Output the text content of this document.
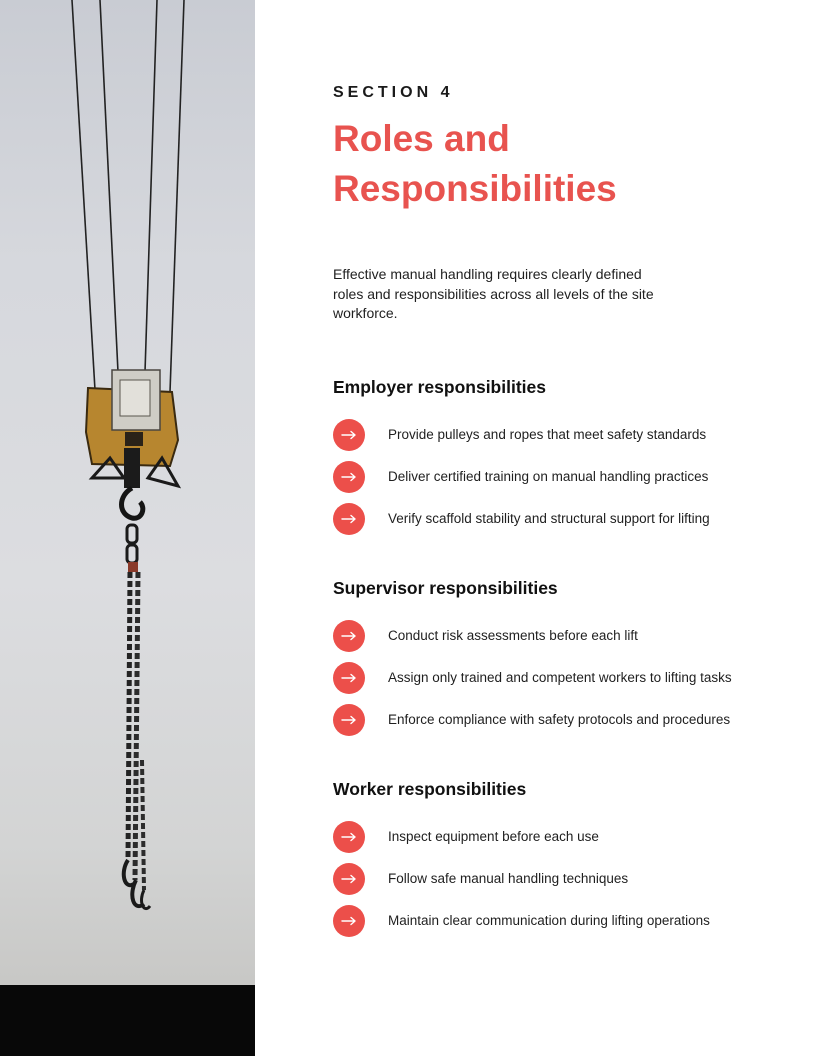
SECTION 4
Roles and Responsibilities

Effective manual handling requires clearly defined roles and responsibilities across all levels of the site workforce.

Employer responsibilities
Provide pulleys and ropes that meet safety standards
Deliver certified training on manual handling practices
Verify scaffold stability and structural support for lifting
Supervisor responsibilities
Conduct risk assessments before each lift
Assign only trained and competent workers to lifting tasks
Enforce compliance with safety protocols and procedures
Worker responsibilities
Inspect equipment before each use
Follow safe manual handling techniques
Maintain clear communication during lifting operations
